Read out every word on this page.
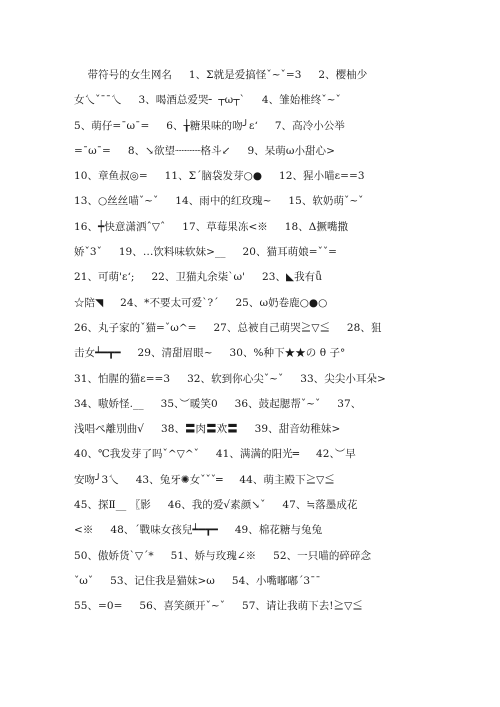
带符号的女生网名     1、Σ就是爱搞怪ˇ~ˇ=3     2、樱柚少
女乀ˇ¯¯乀     3、喝酒总爱哭╴ ┬ω┬ˋ     4、雏始椎终ˇ~ˇ
5、萌仔=¯ω¯=     6、╁糖果味的吻╯ε‘     7、高冷小公举
=¯ω¯=     8、↘欲望┈┈┈┈格斗↙     9、呆萌ω小甜心>
10、章鱼叔◎=     11、Σˊ脑袋发芽○●     12、猩小喵ε==3
13、○丝丝喵ˇ~ˇ     14、雨中的红玫瑰~     15、软奶萌ˇ~ˇ
16、┿快意潇洒ˆ▽ˆ     17、草莓果冻<※     18、Δ撅嘴撒
娇ˇ3ˇ     19、…饮料味软妹>__     20、猫耳萌娘=ˇˇ=
21、可萌'ε‘;     22、卫猫丸余柒ˋω'     23、◣我有ǖ
☆陪◥     24、*不要太可爱ˋ?ˊ     25、ω奶卷鹿○●○
26、丸子家的ˇ猫=ˇω^=     27、总被自己萌哭≧▽≦     28、狙
击女┷━┳━     29、清甜眉眼~     30、%种下★★の θ 子°
31、怕腥的猫ε==3     32、软到你心尖ˇ~ˇ     33、尖尖小耳朵>
34、嗷娇怪.__     35、︶暖笑0     36、鼓起腮帮ˇ~ˇ     37、
浅唱ぺ離別曲√     38、〓肉〓欢〓     39、甜音幼稚妹>
40、℃我发芽了吗ˇ^▽^ˇ     41、满满的阳光═     42、︶早
安吻╯3乀     43、兔牙✺女ˇˇˇ═     44、萌主殿下≧▽≦
45、探Ⅱ__ 〖影     46、我的爱√素颜↘ˇ     47、≒落墨成花
<※     48、ˊ戰味女孩兒┷━┳━     49、棉花糖与兔兔
50、傲娇货ˋ▽ˊ*     51、娇与玫瑰∠※     52、一只喵的碎碎念
ˇωˇ     53、记住我是猫妹>ω     54、小嘴嘟嘟ˊ3¯¯
55、=0=     56、喜笑颜开ˇ~ˇ     57、请让我萌下去!≧▽≦
